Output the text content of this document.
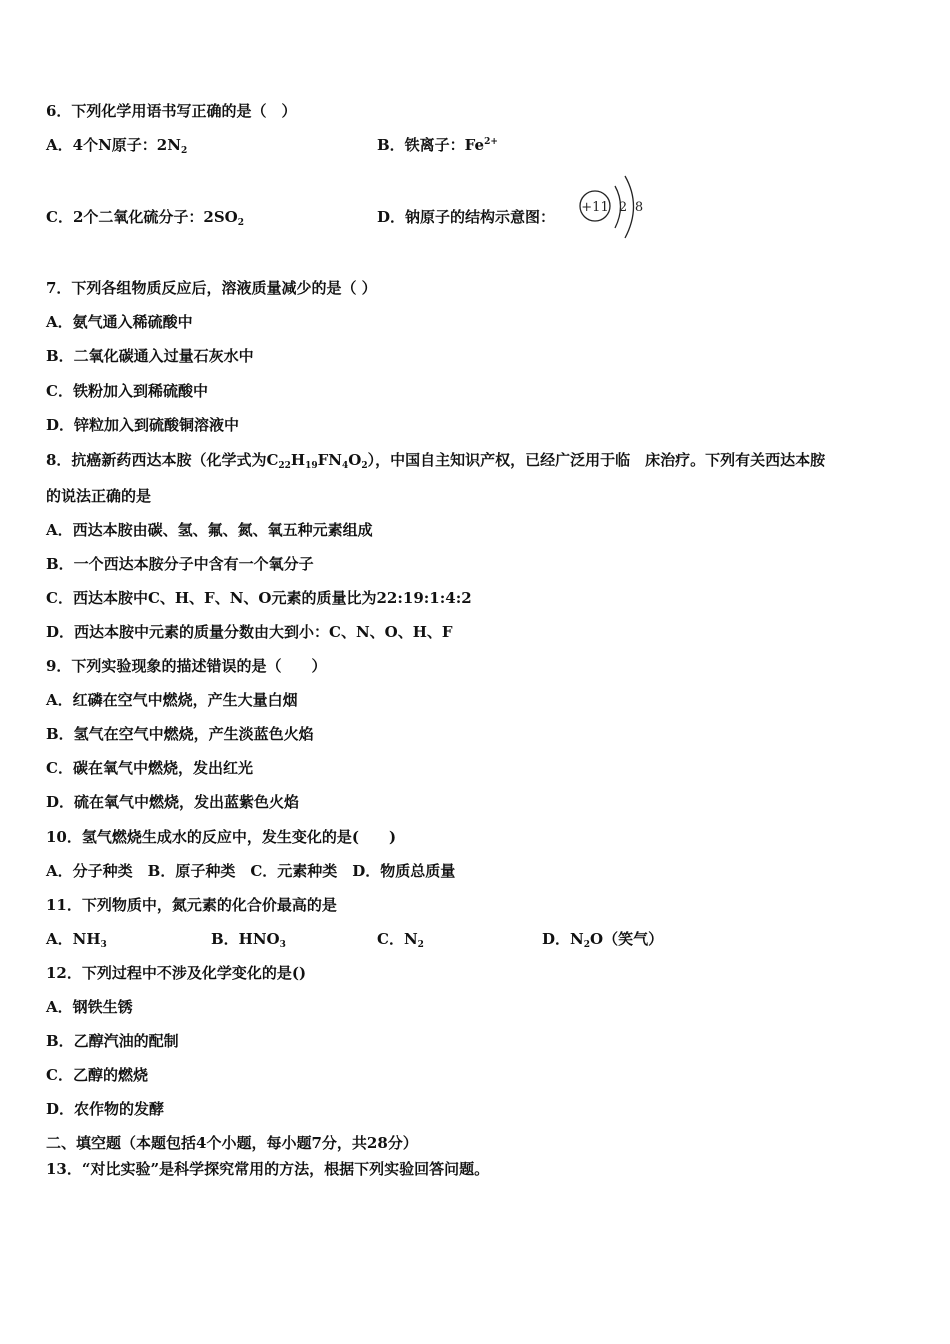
6．下列化学用语书写正确的是（　）
A．4个N原子：$2N_2$	B．铁离子：$Fe^{2+}$
C．2个二氧化硫分子：$2SO_2$	D．钠原子的结构示意图：
+11 2 8
7．下列各组物质反应后，溶液质量减少的是（ ）
A．氨气通入稀硫酸中
B．二氧化碳通入过量石灰水中
C．铁粉加入到稀硫酸中
D．锌粒加入到硫酸铜溶液中
8．抗癌新药西达本胺（化学式为$C_{22}H_{19}FN_4O_2$），中国自主知识产权，已经广泛用于临　床治疗。下列有关西达本胺
的说法正确的是
A．西达本胺由碳、氢、氟、氮、氧五种元素组成
B．一个西达本胺分子中含有一个氧分子
C．西达本胺中C、H、F、N、O元素的质量比为22:19:1:4:2
D．西达本胺中元素的质量分数由大到小：C、N、O、H、F
9．下列实验现象的描述错误的是（　　）
A．红磷在空气中燃烧，产生大量白烟
B．氢气在空气中燃烧，产生淡蓝色火焰
C．碳在氧气中燃烧，发出红光
D．硫在氧气中燃烧，发出蓝紫色火焰
10．氢气燃烧生成水的反应中，发生变化的是(　　)
A．分子种类　B．原子种类　C．元素种类　D．物质总质量
11．下列物质中，氮元素的化合价最高的是
A．$NH_3$	B．$HNO_3$	C．$N_2$	D．$N_2O$（笑气）
12．下列过程中不涉及化学变化的是()
A．钢铁生锈
B．乙醇汽油的配制
C．乙醇的燃烧
D．农作物的发酵
二、填空题（本题包括4个小题，每小题7分，共28分）
13．“对比实验”是科学探究常用的方法，根据下列实验回答问题。
